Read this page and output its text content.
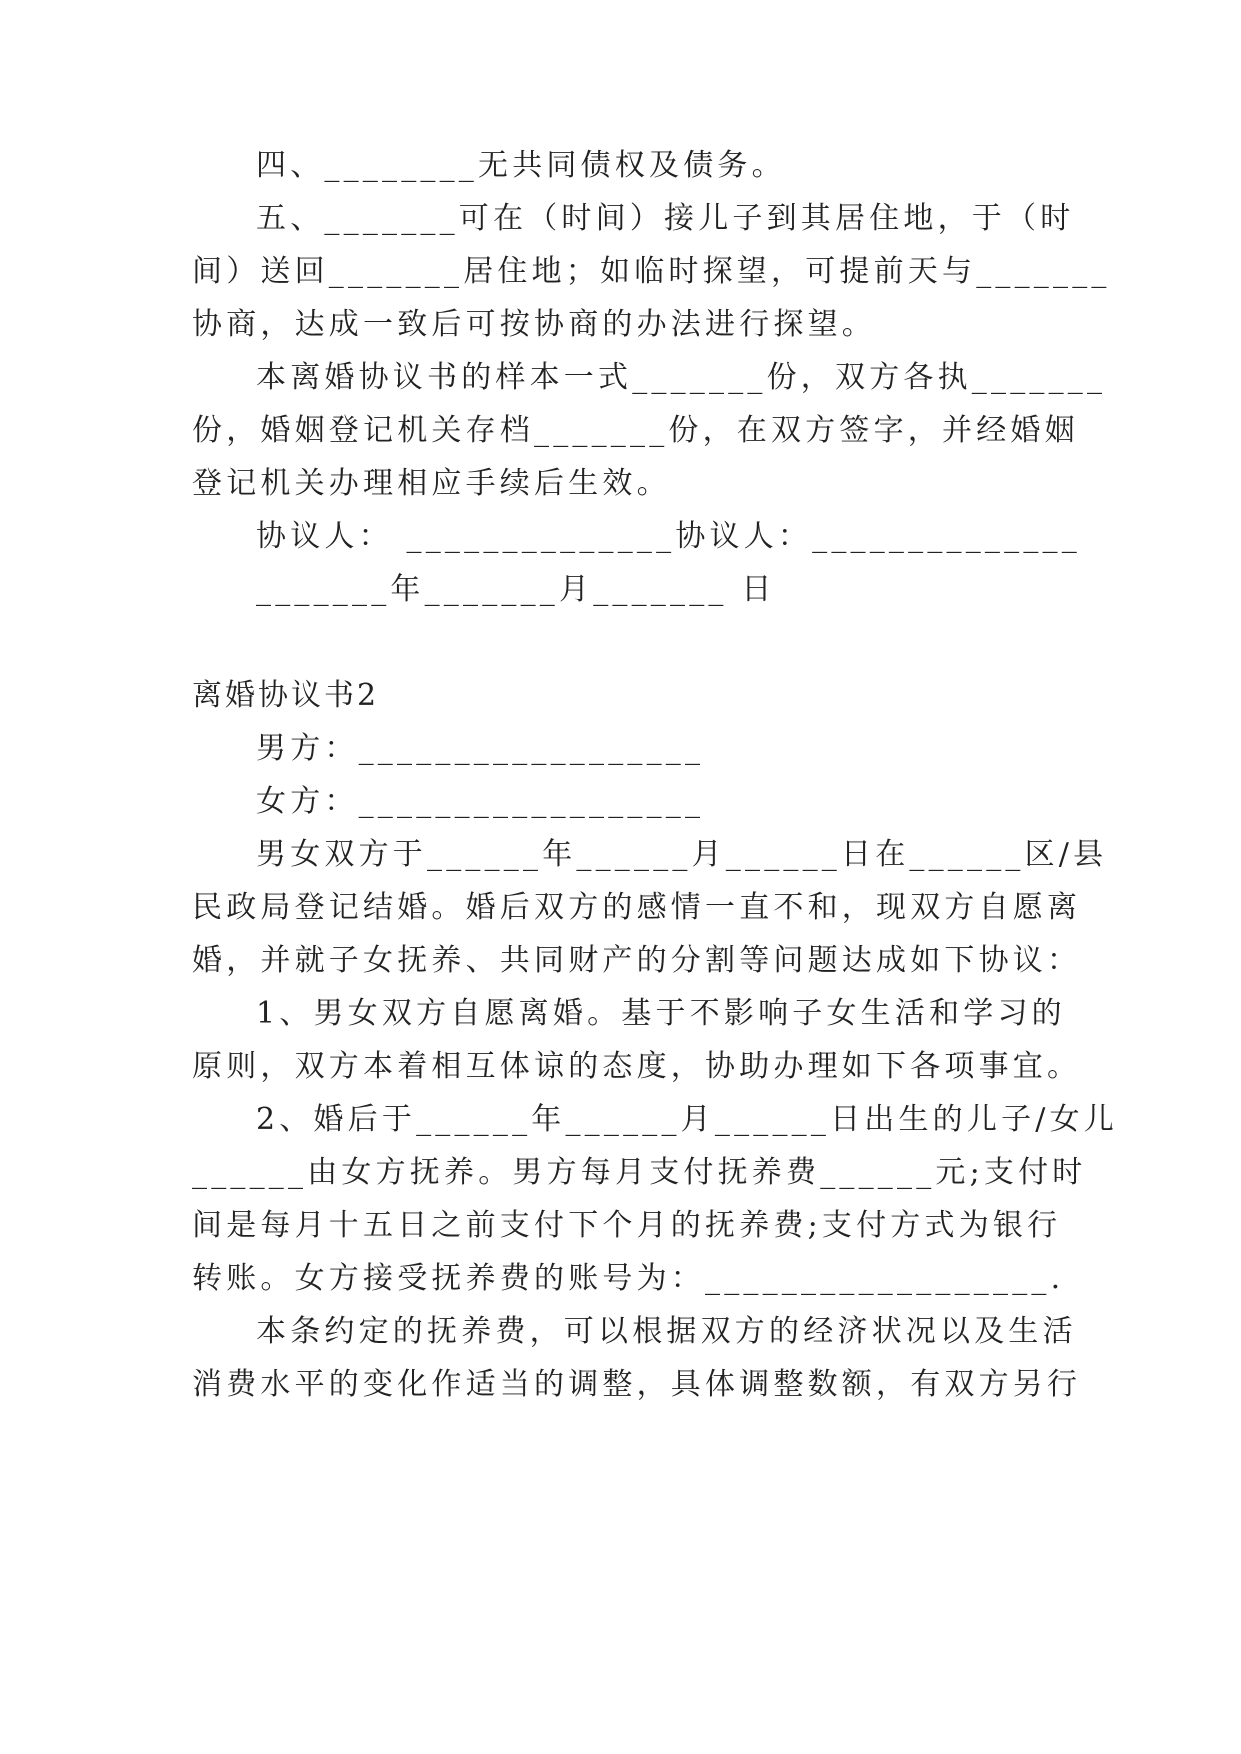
四、________无共同债权及债务。
五、_______可在（时间）接儿子到其居住地，于（时
间）送回_______居住地；如临时探望，可提前天与_______
协商，达成一致后可按协商的办法进行探望。
本离婚协议书的样本一式_______份，双方各执_______
份，婚姻登记机关存档_______份，在双方签字，并经婚姻
登记机关办理相应手续后生效。
协议人： ______________协议人：______________
_______年_______月_______ 日
离婚协议书2
男方：__________________
女方：__________________
男女双方于______年______月______日在______区/县
民政局登记结婚。婚后双方的感情一直不和，现双方自愿离
婚，并就子女抚养、共同财产的分割等问题达成如下协议：
1、男女双方自愿离婚。基于不影响子女生活和学习的
原则，双方本着相互体谅的态度，协助办理如下各项事宜。
2、婚后于______年______月______日出生的儿子/女儿
______由女方抚养。男方每月支付抚养费______元;支付时
间是每月十五日之前支付下个月的抚养费;支付方式为银行
转账。女方接受抚养费的账号为：__________________.
本条约定的抚养费，可以根据双方的经济状况以及生活
消费水平的变化作适当的调整，具体调整数额，有双方另行
